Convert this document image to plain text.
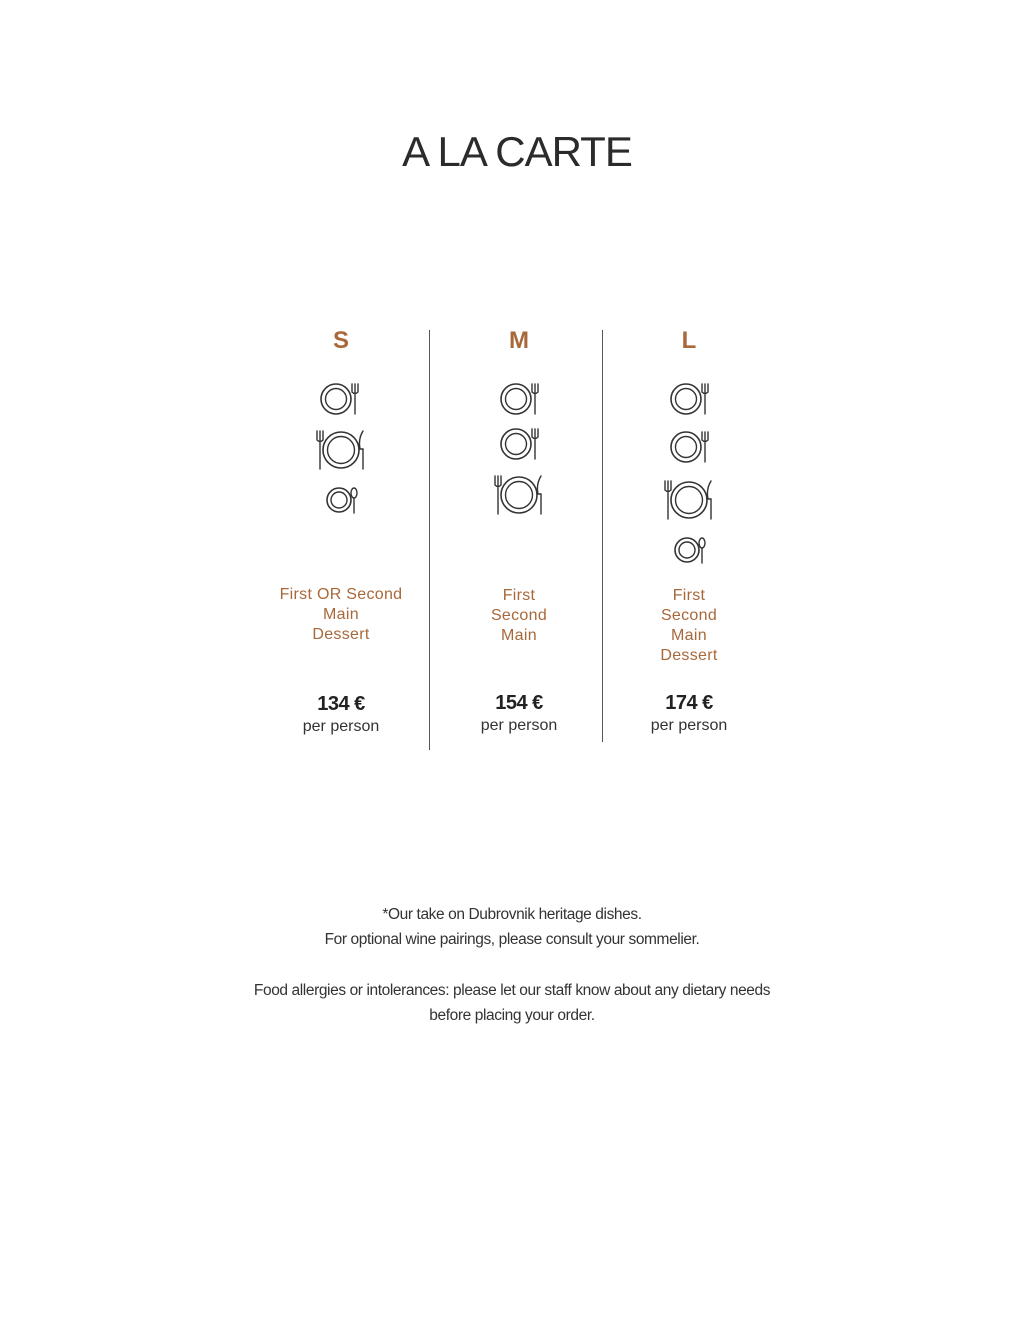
A LA CARTE
S
First OR Second
Main
Dessert
134 €
per person
M
First
Second
Main
154 €
per person
L
First
Second
Main
Dessert
174 €
per person
*Our take on Dubrovnik heritage dishes.
For optional wine pairings, please consult your sommelier.
Food allergies or intolerances: please let our staff know about any dietary needs
before placing your order.
